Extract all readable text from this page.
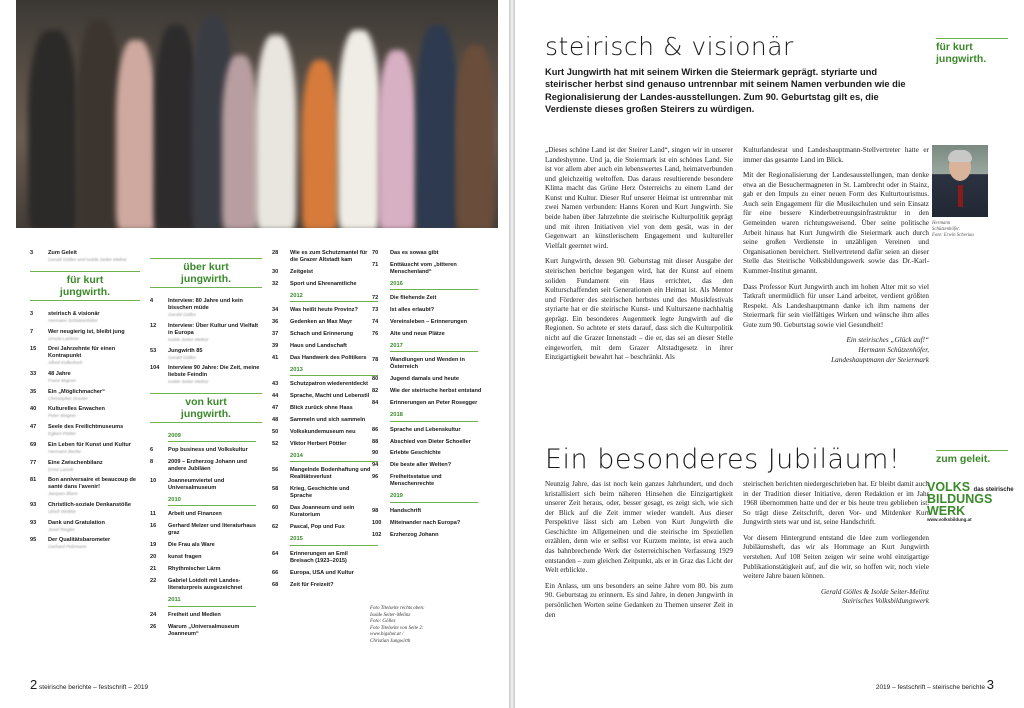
3	Zum Geleit
Gerald Gölles und Isolde Seiter-Melinz
für kurt
jungwirth.
3	steirisch & visionär
Hermann Schützenhöfer
7	Wer neugierig ist, bleibt jung
Ursula Lackner
15	Drei Jahrzehnte für einen Kontrapunkt
Alfred Kolleritsch
33	48 Jahre
Franz Majcen
35	Ein „Möglichmacher“
Christopher Drexler
40	Kulturelles Erwachen
Peter Wagner
47	Seele des Freilichtmuseums
Egbert Pöttler
69	Ein Leben für Kunst und Kultur
Hermann Becke
77	Eine Zwischenbilanz
Ernst Lasnik
81	Bon anniversaire et beaucoup de santé dans l'avenir!
Jacques Blanc
93	Christlich-soziale Denkanstöße
Ulrich Winkler
93	Dank und Gratulation
Josef Riegler
95	Der Qualitätsbarometer
Gerhard Pelzmann
über kurt
jungwirth.
4	Interview: 80 Jahre und kein bisschen müde
Gerald Gölles
12	Interview: Über Kultur und Vielfalt in Europa
Isolde Seiter-Melinz
53	Jungwirth 85
Gerald Gölles
104	Interview 90 Jahre: Die Zeit, meine liebste Feindin
Isolde Seiter-Melinz
von kurt
jungwirth.
2009
6	Pop business und Volkskultur
8	2009 – Erzherzog Johann und andere Jubiläen
10	Joanneumviertel und Universalmuseum
2010
11	Arbeit und Finanzen
16	Gerhard Melzer und literaturhaus graz
19	Die Frau als Ware
20	kunst fragen
21	Rhythmischer Lärm
22	Gabriel Loidolt mit Landes-literaturpreis ausgezeichnet
2011
24	Freiheit und Medien
26	Warum „Universalmuseum Joanneum“
28	Wie es zum Schutzmantel für die Grazer Altstadt kam
30	Zeitgeist
32	Sport und Ehrenamtliche
2012
34	Was heißt heute Provinz?
36	Gedenken an Max Mayr
37	Schach und Erinnerung
39	Haus und Landschaft
41	Das Handwerk des Politikers
2013
43	Schutzpatron wiederentdeckt
44	Sprache, Macht und Lebenstil
47	Blick zurück ohne Hass
48	Sammeln und sich sammeln
50	Volkskundemuseum neu
52	Viktor Herbert Pöttler
2014
56	Mangelnde Bodenhaftung und Realitätsverlust
58	Krieg, Geschichte und Sprache
60	Das Joanneum und sein Kuratorium
62	Pascal, Pop und Fux
2015
64	Erinnerungen an Emil Breisach (1923–2015)
66	Europa, USA und Kultur
68	Zeit für Freizeit?
70	Das es sowas gibt
71	Enttäuscht vom „bitteren Menschenland“
2016
72	Die fliehende Zeit
73	Ist alles erlaubt?
74	Vereinsleben – Erinnerungen
76	Alte und neue Plätze
2017
78	Wandlungen und Wenden in Österreich
80	Jugend damals und heute
82	Wie der steirische herbst entstand
84	Erinnerungen an Peter Rosegger
2018
86	Sprache und Lebenskultur
88	Abschied von Dieter Schoeller
90	Erlebte Geschichte
94	Die beste aller Welten?
96	Freiheitsstatue und Menschenrechte
2019
98	Handschrift
100	Miteinander nach Europa?
102	Erzherzog Johann
Foto Titelseite rechts oben:
Isolde Seiter-Melinz
Foto: Gölles
Foto Titelseite von Seite 2:
www.bigshot.at /
Christian Jungwirth
2 steirische berichte – festschrift – 2019
steirisch & visionär	für kurt
jungwirth.
Kurt Jungwirth hat mit seinem Wirken die Steiermark geprägt. styriarte und steirischer herbst sind genauso untrennbar mit seinem Namen verbunden wie die Regionalisierung der Landes-ausstellungen. Zum 90. Geburtstag gilt es, die Verdienste dieses großen Steirers zu würdigen.

„Dieses schöne Land ist der Steirer Land“, singen wir in unserer Landeshymne. Und ja, die Steiermark ist ein schönes Land. Sie ist vor allem aber auch ein lebenswertes Land, heimatverbunden und gleichzeitig weltoffen. Das daraus resultierende besondere Klima macht das Grüne Herz Österreichs zu einem Land der Kunst und Kultur. Dieser Ruf unserer Heimat ist untrennbar mit zwei Namen verbunden: Hanns Koren und Kurt Jungwirth. Sie beide haben über Jahrzehnte die steirische Kulturpolitik geprägt und mit ihren Initiativen viel von dem gesät, was in der Gegenwart an künstlerischem Engagement und kultureller Vielfalt geerntet wird.

Kurt Jungwirth, dessen 90. Geburtstag mit dieser Ausgabe der steirischen berichte begangen wird, hat der Kunst auf einem soliden Fundament ein Haus errichtet, das den Kulturschaffenden seit Generationen ein Heimat ist. Als Mentor und Förderer des steirischen herbstes und des Musikfestivals styriarte hat er die steirische Kunst- und Kulturszene nachhaltig geprägt. Ein besonderes Augenmerk legte Jungwirth auf die Regionen. So achtete er stets darauf, dass sich die Kulturpolitik nicht auf die Grazer Innenstadt – die er, das sei an dieser Stelle eingeworfen, mit dem Grazer Altstadtgesetz in ihrer Einzigartigkeit bewahrt hat – beschränkt. Als

Kulturlandesrat und Landeshauptmann-Stellvertreter hatte er immer das gesamte Land im Blick.

Mit der Regionalisierung der Landesausstellungen, man denke etwa an die Besuchermagneten in St. Lambrecht oder in Stainz, gab er den Impuls zu einer neuen Form des Kulturtourismus. Auch sein Engagement für die Musikschulen und sein Einsatz für eine bessere Kinderbetreuungsinfrastruktur in den Gemeinden waren richtungsweisend. Über seine politische Arbeit hinaus hat Kurt Jungwirth die Steiermark auch durch seine großen Verdienste in unzähligen Vereinen und Organisationen bereichert. Stellvertretend dafür seien an dieser Stelle das Steirische Volksbildungswerk sowie das Dr.-Karl-Kummer-Institut genannt.

Dass Professor Kurt Jungwirth auch im hohen Alter mit so viel Tatkraft unermüdlich für unser Land arbeitet, verdient größten Respekt. Als Landeshauptmann danke ich ihm namens der Steiermark für sein vielfältiges Wirken und wünsche ihm alles Gute zum 90. Geburtstag sowie viel Gesundheit!

Ein steirisches „Glück auf!“
Hermann Schützenhöfer,
Landeshauptmann der Steiermark
Hermann
Schützenhöfer.
Foto: Erwin Scheriau
Ein besonderes Jubiläum!	zum geleit.

Neunzig Jahre, das ist noch kein ganzes Jahrhundert, und doch kristallisiert sich beim näheren Hinsehen die Einzigartigkeit unserer Zeit heraus, oder, besser gesagt, es zeigt sich, wie sich der Blick auf die Zeit immer wieder wandelt. Aus dieser Perspektive lässt sich am Leben von Kurt Jungwirth die Geschichte im Allgemeinen und die steirische im Speziellen erzählen, denn wie er selbst vor Kurzem meinte, ist etwa auch das bahnbrechende Werk der österreichischen Verfassung 1929 entstanden – zum gleichen Zeitpunkt, als er in Graz das Licht der Welt erblickte.

Ein Anlass, um uns besonders an seine Jahre vom 80. bis zum 90. Geburtstag zu erinnern. Es sind Jahre, in denen Jungwirth in persönlichen Worten seine Gedanken zu Themen unserer Zeit in den

steirischen berichten niedergeschrieben hat. Er bleibt damit auch in der Tradition dieser Initiative, deren Redaktion er im Jahr 1968 übernommen hatte und der er bis heute treu geblieben ist. So trägt diese Zeitschrift, deren Vor- und Mitdenker Kurt Jungwirth stets war und ist, seine Handschrift.

Vor diesem Hintergrund entstand die Idee zum vorliegenden Jubiläumsheft, das wir als Hommage an Kurt Jungwirth verstehen. Auf 108 Seiten zeigen wir seine wohl einzigartige Publikationstätigkeit auf, auf die wir, so hoffen wir, noch viele weitere Jahre bauen können.

Gerald Gölles & Isolde Seiter-Melinz
Steirisches Volksbildungswerk
VOLKS das steirische
BILDUNGS
WERK
www.volksbildung.at
2019 – festschrift – steirische berichte 3
